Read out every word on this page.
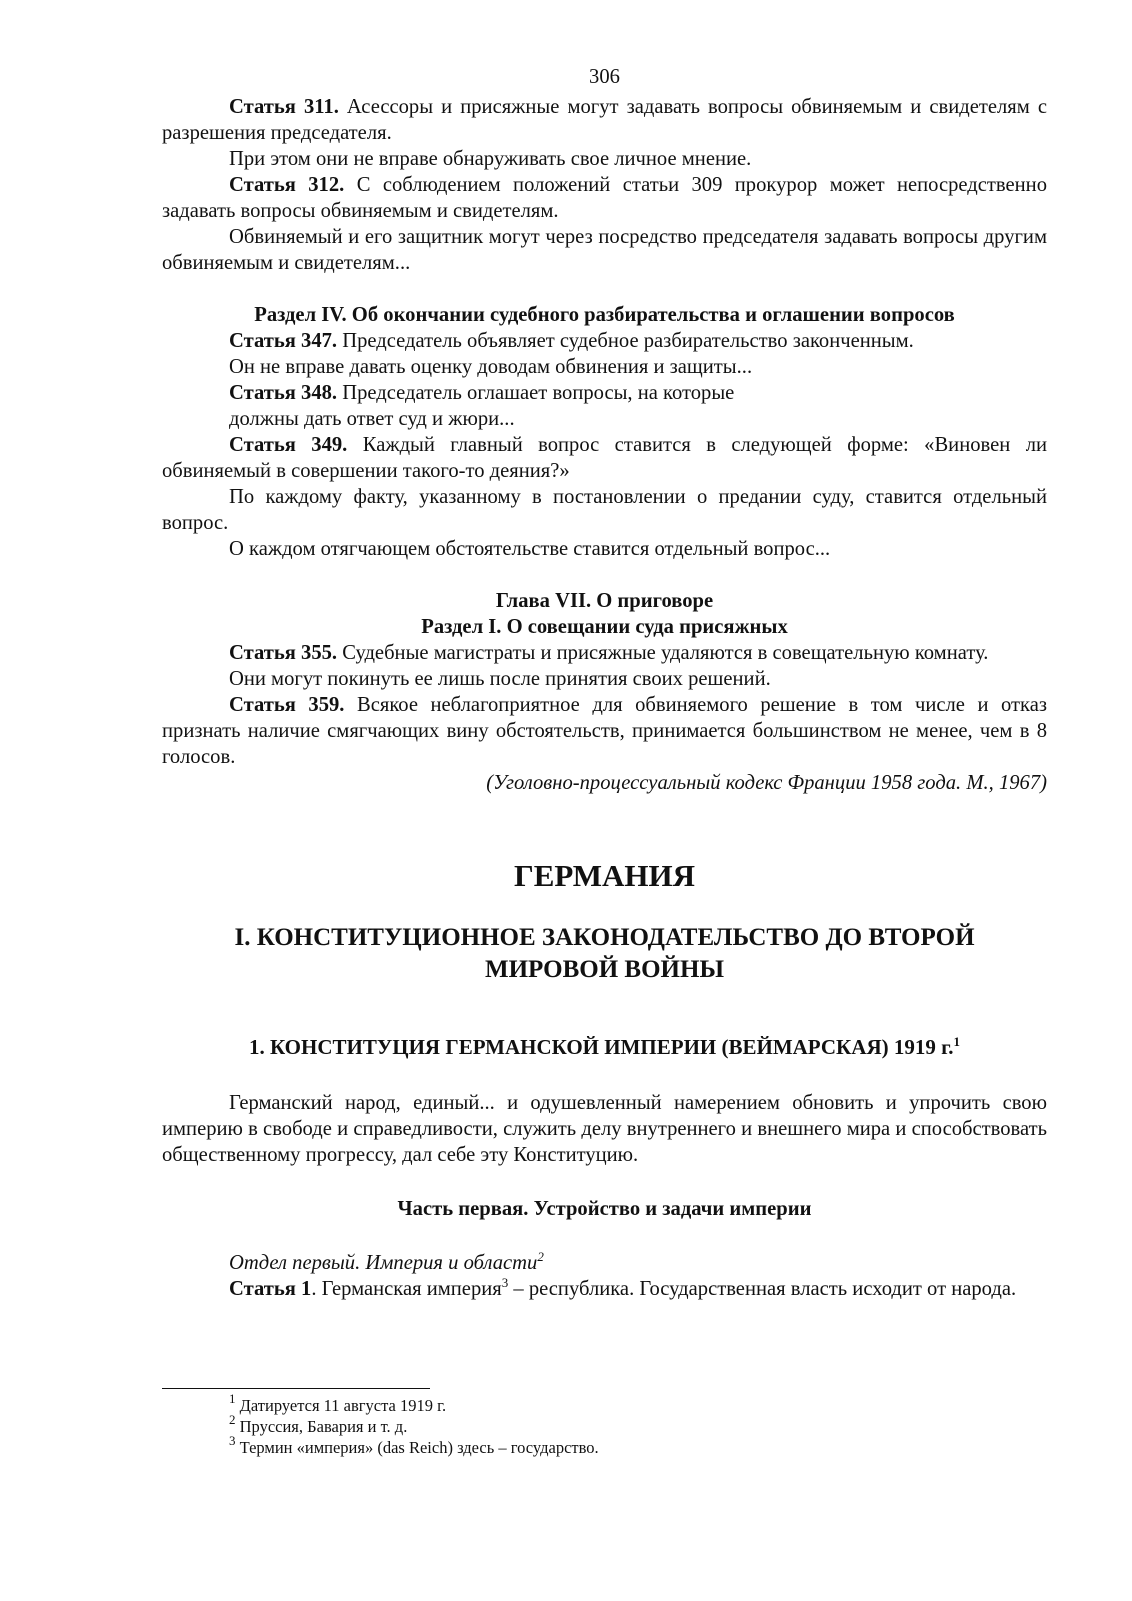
306

Статья 311. Асессоры и присяжные могут задавать вопросы обвиняемым и свидетелям с разрешения председателя.

При этом они не вправе обнаруживать свое личное мнение.

Статья 312. С соблюдением положений статьи 309 прокурор может непосредственно задавать вопросы обвиняемым и свидетелям.

Обвиняемый и его защитник могут через посредство председателя задавать вопросы другим обвиняемым и свидетелям...

Раздел IV. Об окончании судебного разбирательства и оглашении вопросов

Статья 347. Председатель объявляет судебное разбирательство законченным.

Он не вправе давать оценку доводам обвинения и защиты...

Статья 348. Председатель оглашает вопросы, на которые

должны дать ответ суд и жюри...

Статья 349. Каждый главный вопрос ставится в следующей форме: «Виновен ли обвиняемый в совершении такого-то деяния?»

По каждому факту, указанному в постановлении о предании суду, ставится отдельный вопрос.

О каждом отягчающем обстоятельстве ставится отдельный вопрос...

Глава VII. О приговоре

Раздел I. О совещании суда присяжных

Статья 355. Судебные магистраты и присяжные удаляются в совещательную комнату.

Они могут покинуть ее лишь после принятия своих решений.

Статья 359. Всякое неблагоприятное для обвиняемого решение в том числе и отказ признать наличие смягчающих вину обстоятельств, принимается большинством не менее, чем в 8 голосов.

(Уголовно-процессуальный кодекс Франции 1958 года. М., 1967)

ГЕРМАНИЯ
I. КОНСТИТУЦИОННОЕ ЗАКОНОДАТЕЛЬСТВО ДО ВТОРОЙ
МИРОВОЙ ВОЙНЫ
1. КОНСТИТУЦИЯ ГЕРМАНСКОЙ ИМПЕРИИ (ВЕЙМАРСКАЯ) 1919 г.$^1$

Германский народ, единый... и одушевленный намерением обновить и упрочить свою империю в свободе и справедливости, служить делу внутреннего и внешнего мира и способствовать общественному прогрессу, дал себе эту Конституцию.

Часть первая. Устройство и задачи империи

Отдел первый. Империя и области$^2$

Статья 1. Германская империя$^3$ – республика. Государственная власть исходит от народа.

$^1$ Датируется 11 августа 1919 г.

$^2$ Пруссия, Бавария и т. д.

$^3$ Термин «империя» (das Reich) здесь – государство.
